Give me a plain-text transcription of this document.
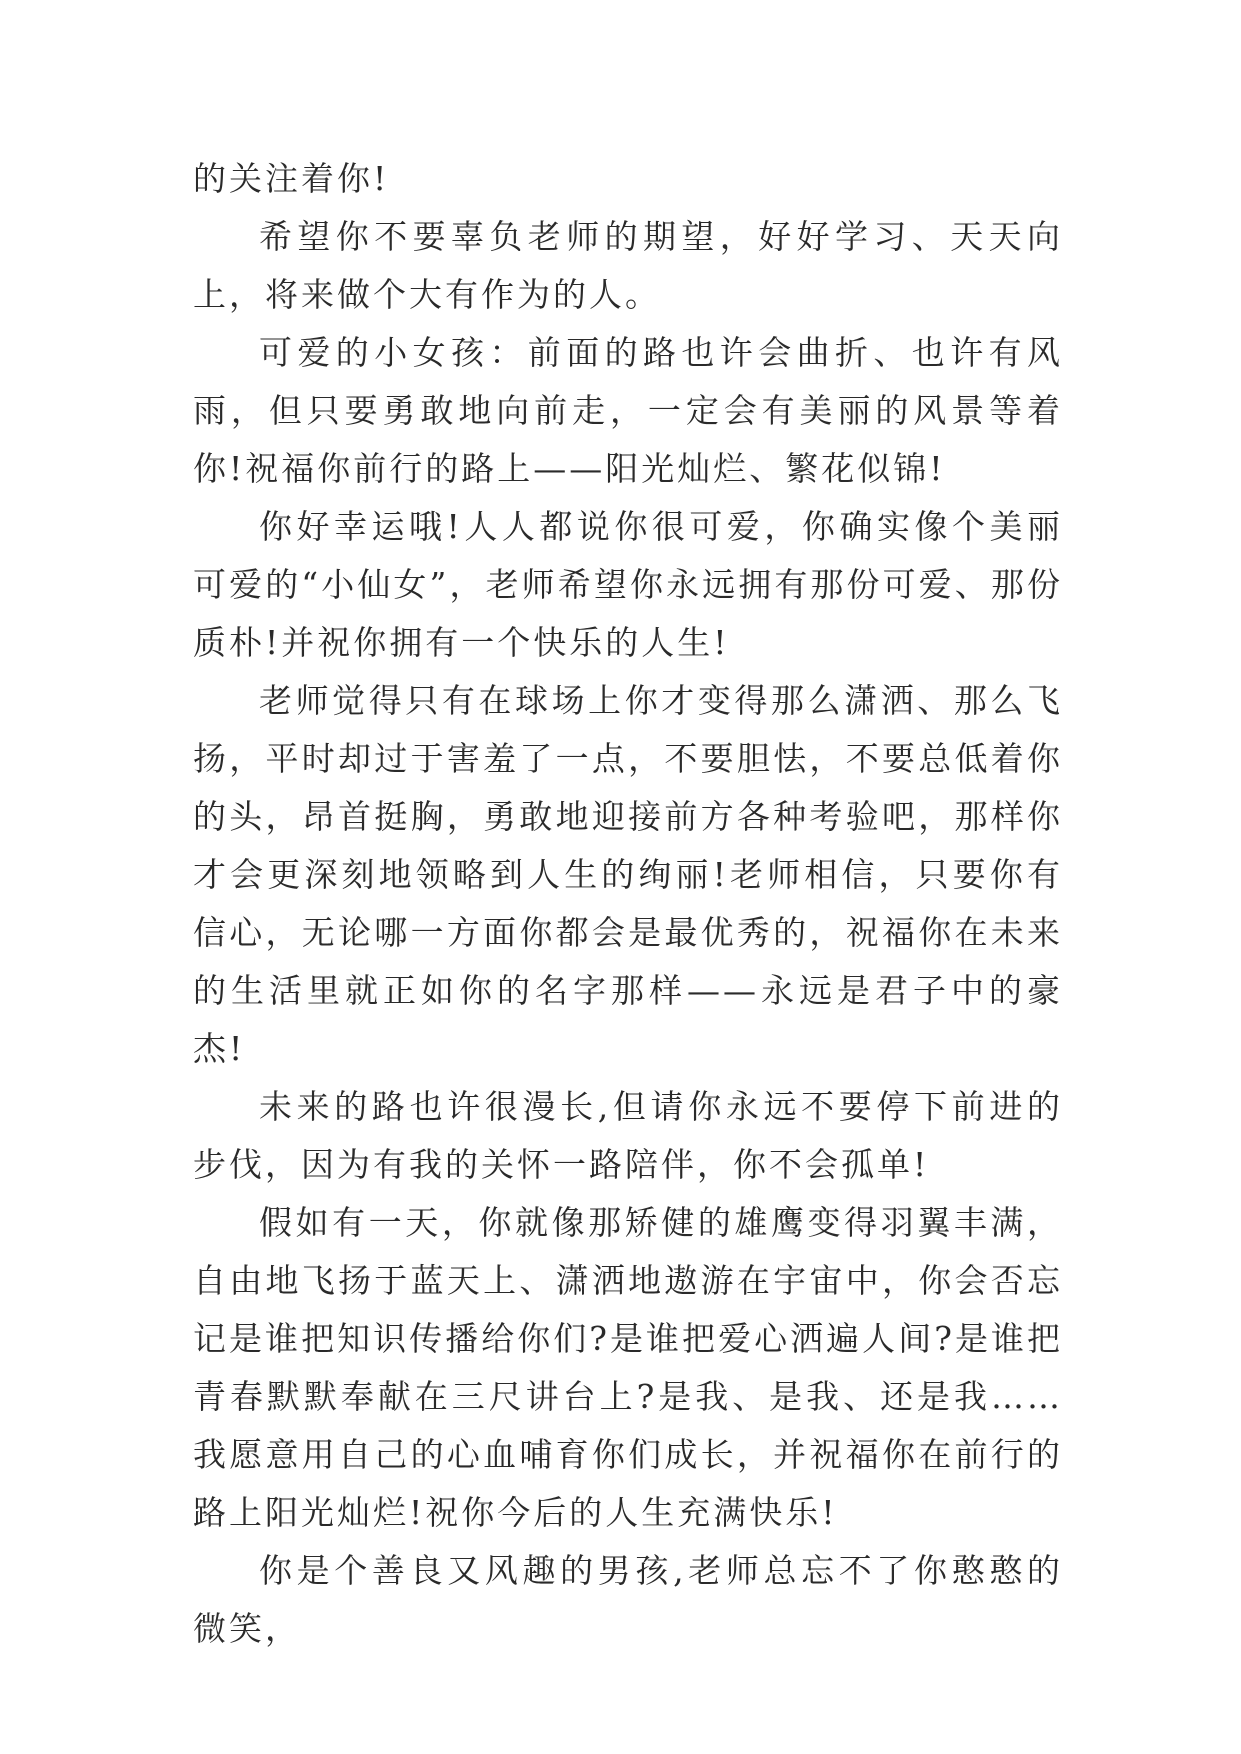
的关注着你!

希望你不要辜负老师的期望，好好学习、天天向上，将来做个大有作为的人。

可爱的小女孩：前面的路也许会曲折、也许有风雨，但只要勇敢地向前走，一定会有美丽的风景等着你!祝福你前行的路上——阳光灿烂、繁花似锦!

你好幸运哦!人人都说你很可爱，你确实像个美丽可爱的“小仙女”，老师希望你永远拥有那份可爱、那份质朴!并祝你拥有一个快乐的人生!

老师觉得只有在球场上你才变得那么潇洒、那么飞 扬，平时却过于害羞了一点，不要胆怯，不要总低着你的头，昂首挺胸，勇敢地迎接前方各种考验吧，那样你才会更深刻地领略到人生的绚丽!老师相信，只要你有信心，无论哪一方面你都会是最优秀的，祝福你在未来的生活里就正如你的名字那样——永远是君子中的豪杰!

未来的路也许很漫长,但请你永远不要停下前进的步伐，因为有我的关怀一路陪伴，你不会孤单!

假如有一天，你就像那矫健的雄鹰变得羽翼丰满，自由地飞扬于蓝天上、潇洒地遨游在宇宙中，你会否忘记是谁把知识传播给你们?是谁把爱心洒遍人间?是谁把青春默默奉献在三尺讲台上?是我、是我、还是我……我愿意用自己的心血哺育你们成长，并祝福你在前行的路上阳光灿烂!祝你今后的人生充满快乐!

你是个善良又风趣的男孩,老师总忘不了你憨憨的微笑，
